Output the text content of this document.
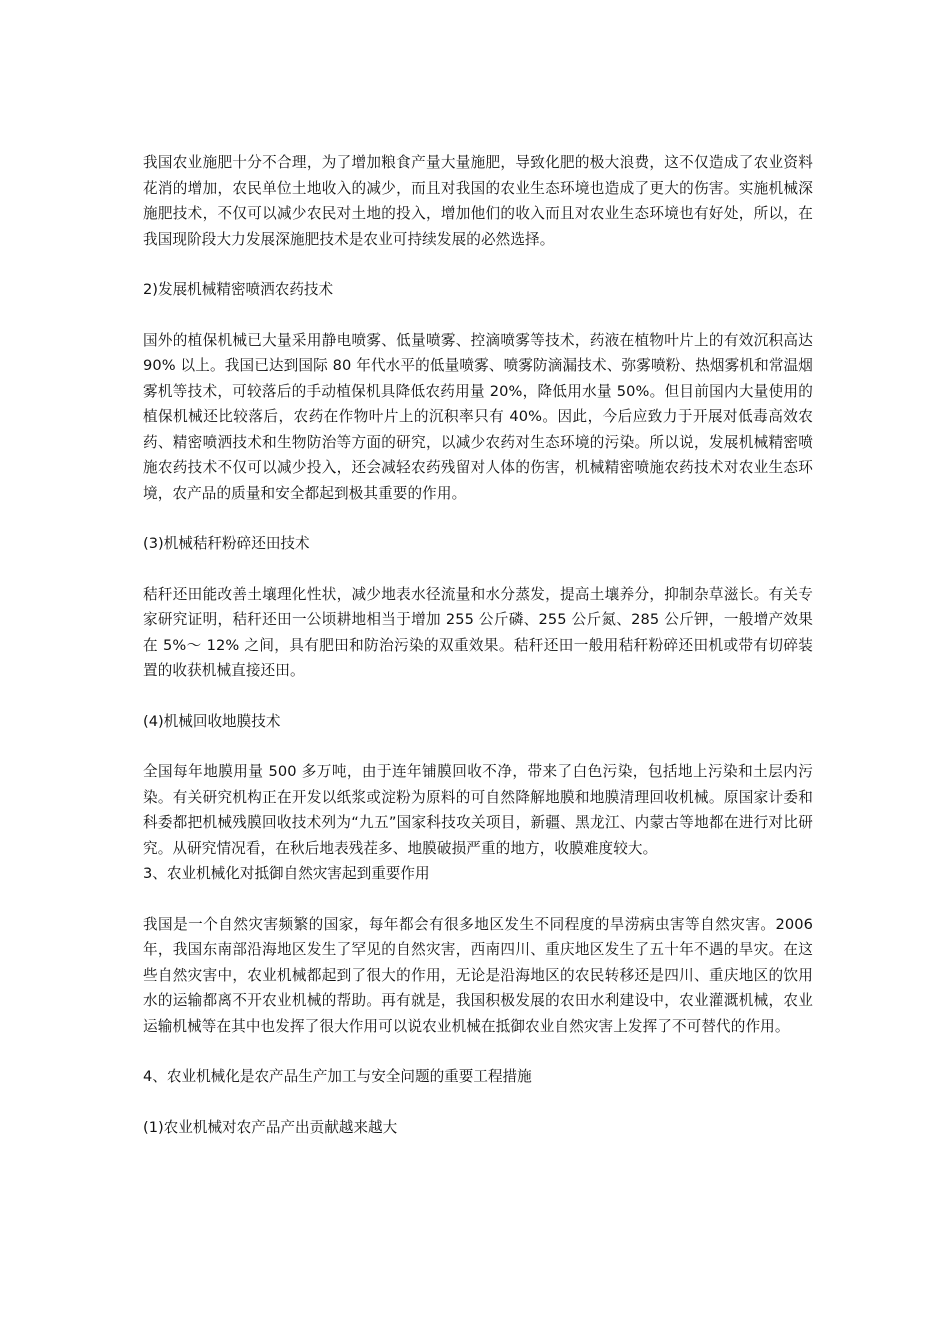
我国农业施肥十分不合理，为了增加粮食产量大量施肥，导致化肥的极大浪费，这不仅造成了农业资料花消的增加，农民单位土地收入的减少，而且对我国的农业生态环境也造成了更大的伤害。实施机械深施肥技术，不仅可以减少农民对土地的投入，增加他们的收入而且对农业生态环境也有好处，所以，在我国现阶段大力发展深施肥技术是农业可持续发展的必然选择。

2)发展机械精密喷洒农药技术

国外的植保机械已大量采用静电喷雾、低量喷雾、控滴喷雾等技术，药液在植物叶片上的有效沉积高达 90% 以上。我国已达到国际 80 年代水平的低量喷雾、喷雾防滴漏技术、弥雾喷粉、热烟雾机和常温烟雾机等技术，可较落后的手动植保机具降低农药用量 20%，降低用水量 50%。但目前国内大量使用的植保机械还比较落后，农药在作物叶片上的沉积率只有 40%。因此，今后应致力于开展对低毒高效农药、精密喷洒技术和生物防治等方面的研究，以减少农药对生态环境的污染。所以说，发展机械精密喷施农药技术不仅可以减少投入，还会减轻农药残留对人体的伤害，机械精密喷施农药技术对农业生态环境，农产品的质量和安全都起到极其重要的作用。

(3)机械秸秆粉碎还田技术

秸秆还田能改善土壤理化性状，减少地表水径流量和水分蒸发，提高土壤养分，抑制杂草滋长。有关专家研究证明，秸秆还田一公顷耕地相当于增加 255 公斤磷、255 公斤氮、285 公斤钾，一般增产效果在 5%～ 12% 之间，具有肥田和防治污染的双重效果。秸秆还田一般用秸秆粉碎还田机或带有切碎装置的收获机械直接还田。

(4)机械回收地膜技术

全国每年地膜用量 500 多万吨，由于连年铺膜回收不净，带来了白色污染，包括地上污染和土层内污染。有关研究机构正在开发以纸浆或淀粉为原料的可自然降解地膜和地膜清理回收机械。原国家计委和科委都把机械残膜回收技术列为“九五”国家科技攻关项目，新疆、黑龙江、内蒙古等地都在进行对比研究。从研究情况看，在秋后地表残茬多、地膜破损严重的地方，收膜难度较大。

3、农业机械化对抵御自然灾害起到重要作用

我国是一个自然灾害频繁的国家，每年都会有很多地区发生不同程度的旱涝病虫害等自然灾害。2006 年，我国东南部沿海地区发生了罕见的自然灾害，西南四川、重庆地区发生了五十年不遇的旱灾。在这些自然灾害中，农业机械都起到了很大的作用，无论是沿海地区的农民转移还是四川、重庆地区的饮用水的运输都离不开农业机械的帮助。再有就是，我国积极发展的农田水利建设中，农业灌溉机械，农业运输机械等在其中也发挥了很大作用可以说农业机械在抵御农业自然灾害上发挥了不可替代的作用。

4、农业机械化是农产品生产加工与安全问题的重要工程措施

(1)农业机械对农产品产出贡献越来越大
